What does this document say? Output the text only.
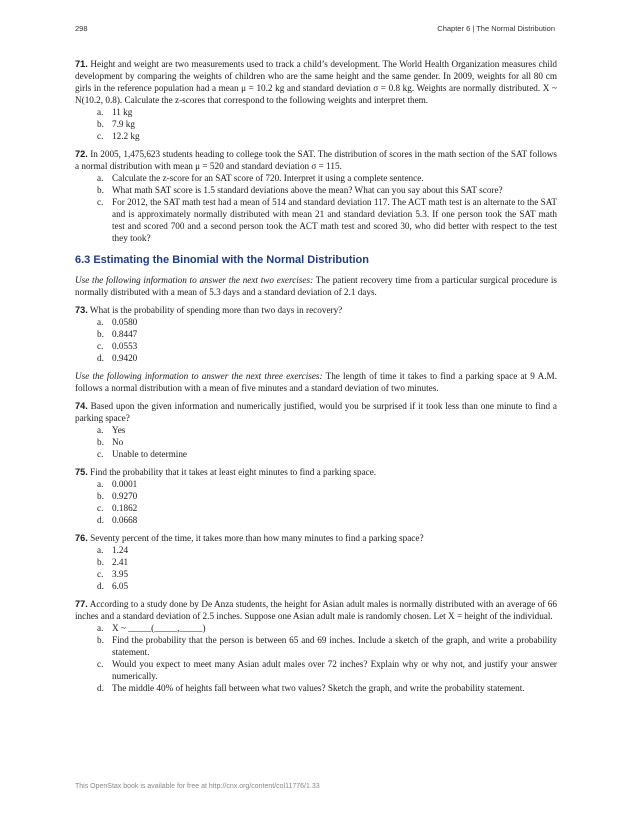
298	Chapter 6 | The Normal Distribution

71. Height and weight are two measurements used to track a child’s development. The World Health Organization measures child development by comparing the weights of children who are the same height and the same gender. In 2009, weights for all 80 cm girls in the reference population had a mean μ = 10.2 kg and standard deviation σ = 0.8 kg. Weights are normally distributed. X ~ N(10.2, 0.8). Calculate the z-scores that correspond to the following weights and interpret them.

a. 11 kg
b. 7.9 kg
c. 12.2 kg

72. In 2005, 1,475,623 students heading to college took the SAT. The distribution of scores in the math section of the SAT follows a normal distribution with mean μ = 520 and standard deviation σ = 115.

a. Calculate the z-score for an SAT score of 720. Interpret it using a complete sentence.
b. What math SAT score is 1.5 standard deviations above the mean? What can you say about this SAT score?
c. For 2012, the SAT math test had a mean of 514 and standard deviation 117. The ACT math test is an alternate to the SAT and is approximately normally distributed with mean 21 and standard deviation 5.3. If one person took the SAT math test and scored 700 and a second person took the ACT math test and scored 30, who did better with respect to the test they took?
6.3 Estimating the Binomial with the Normal Distribution

Use the following information to answer the next two exercises: The patient recovery time from a particular surgical procedure is normally distributed with a mean of 5.3 days and a standard deviation of 2.1 days.

73. What is the probability of spending more than two days in recovery?

a. 0.0580
b. 0.8447
c. 0.0553
d. 0.9420

Use the following information to answer the next three exercises: The length of time it takes to find a parking space at 9 A.M. follows a normal distribution with a mean of five minutes and a standard deviation of two minutes.

74. Based upon the given information and numerically justified, would you be surprised if it took less than one minute to find a parking space?

a. Yes
b. No
c. Unable to determine

75. Find the probability that it takes at least eight minutes to find a parking space.

a. 0.0001
b. 0.9270
c. 0.1862
d. 0.0668

76. Seventy percent of the time, it takes more than how many minutes to find a parking space?

a. 1.24
b. 2.41
c. 3.95
d. 6.05

77. According to a study done by De Anza students, the height for Asian adult males is normally distributed with an average of 66 inches and a standard deviation of 2.5 inches. Suppose one Asian adult male is randomly chosen. Let X = height of the individual.

a. X ~ _____(_____,_____)
b. Find the probability that the person is between 65 and 69 inches. Include a sketch of the graph, and write a probability statement.
c. Would you expect to meet many Asian adult males over 72 inches? Explain why or why not, and justify your answer numerically.
d. The middle 40% of heights fall between what two values? Sketch the graph, and write the probability statement.
This OpenStax book is available for free at http://cnx.org/content/col11776/1.33
